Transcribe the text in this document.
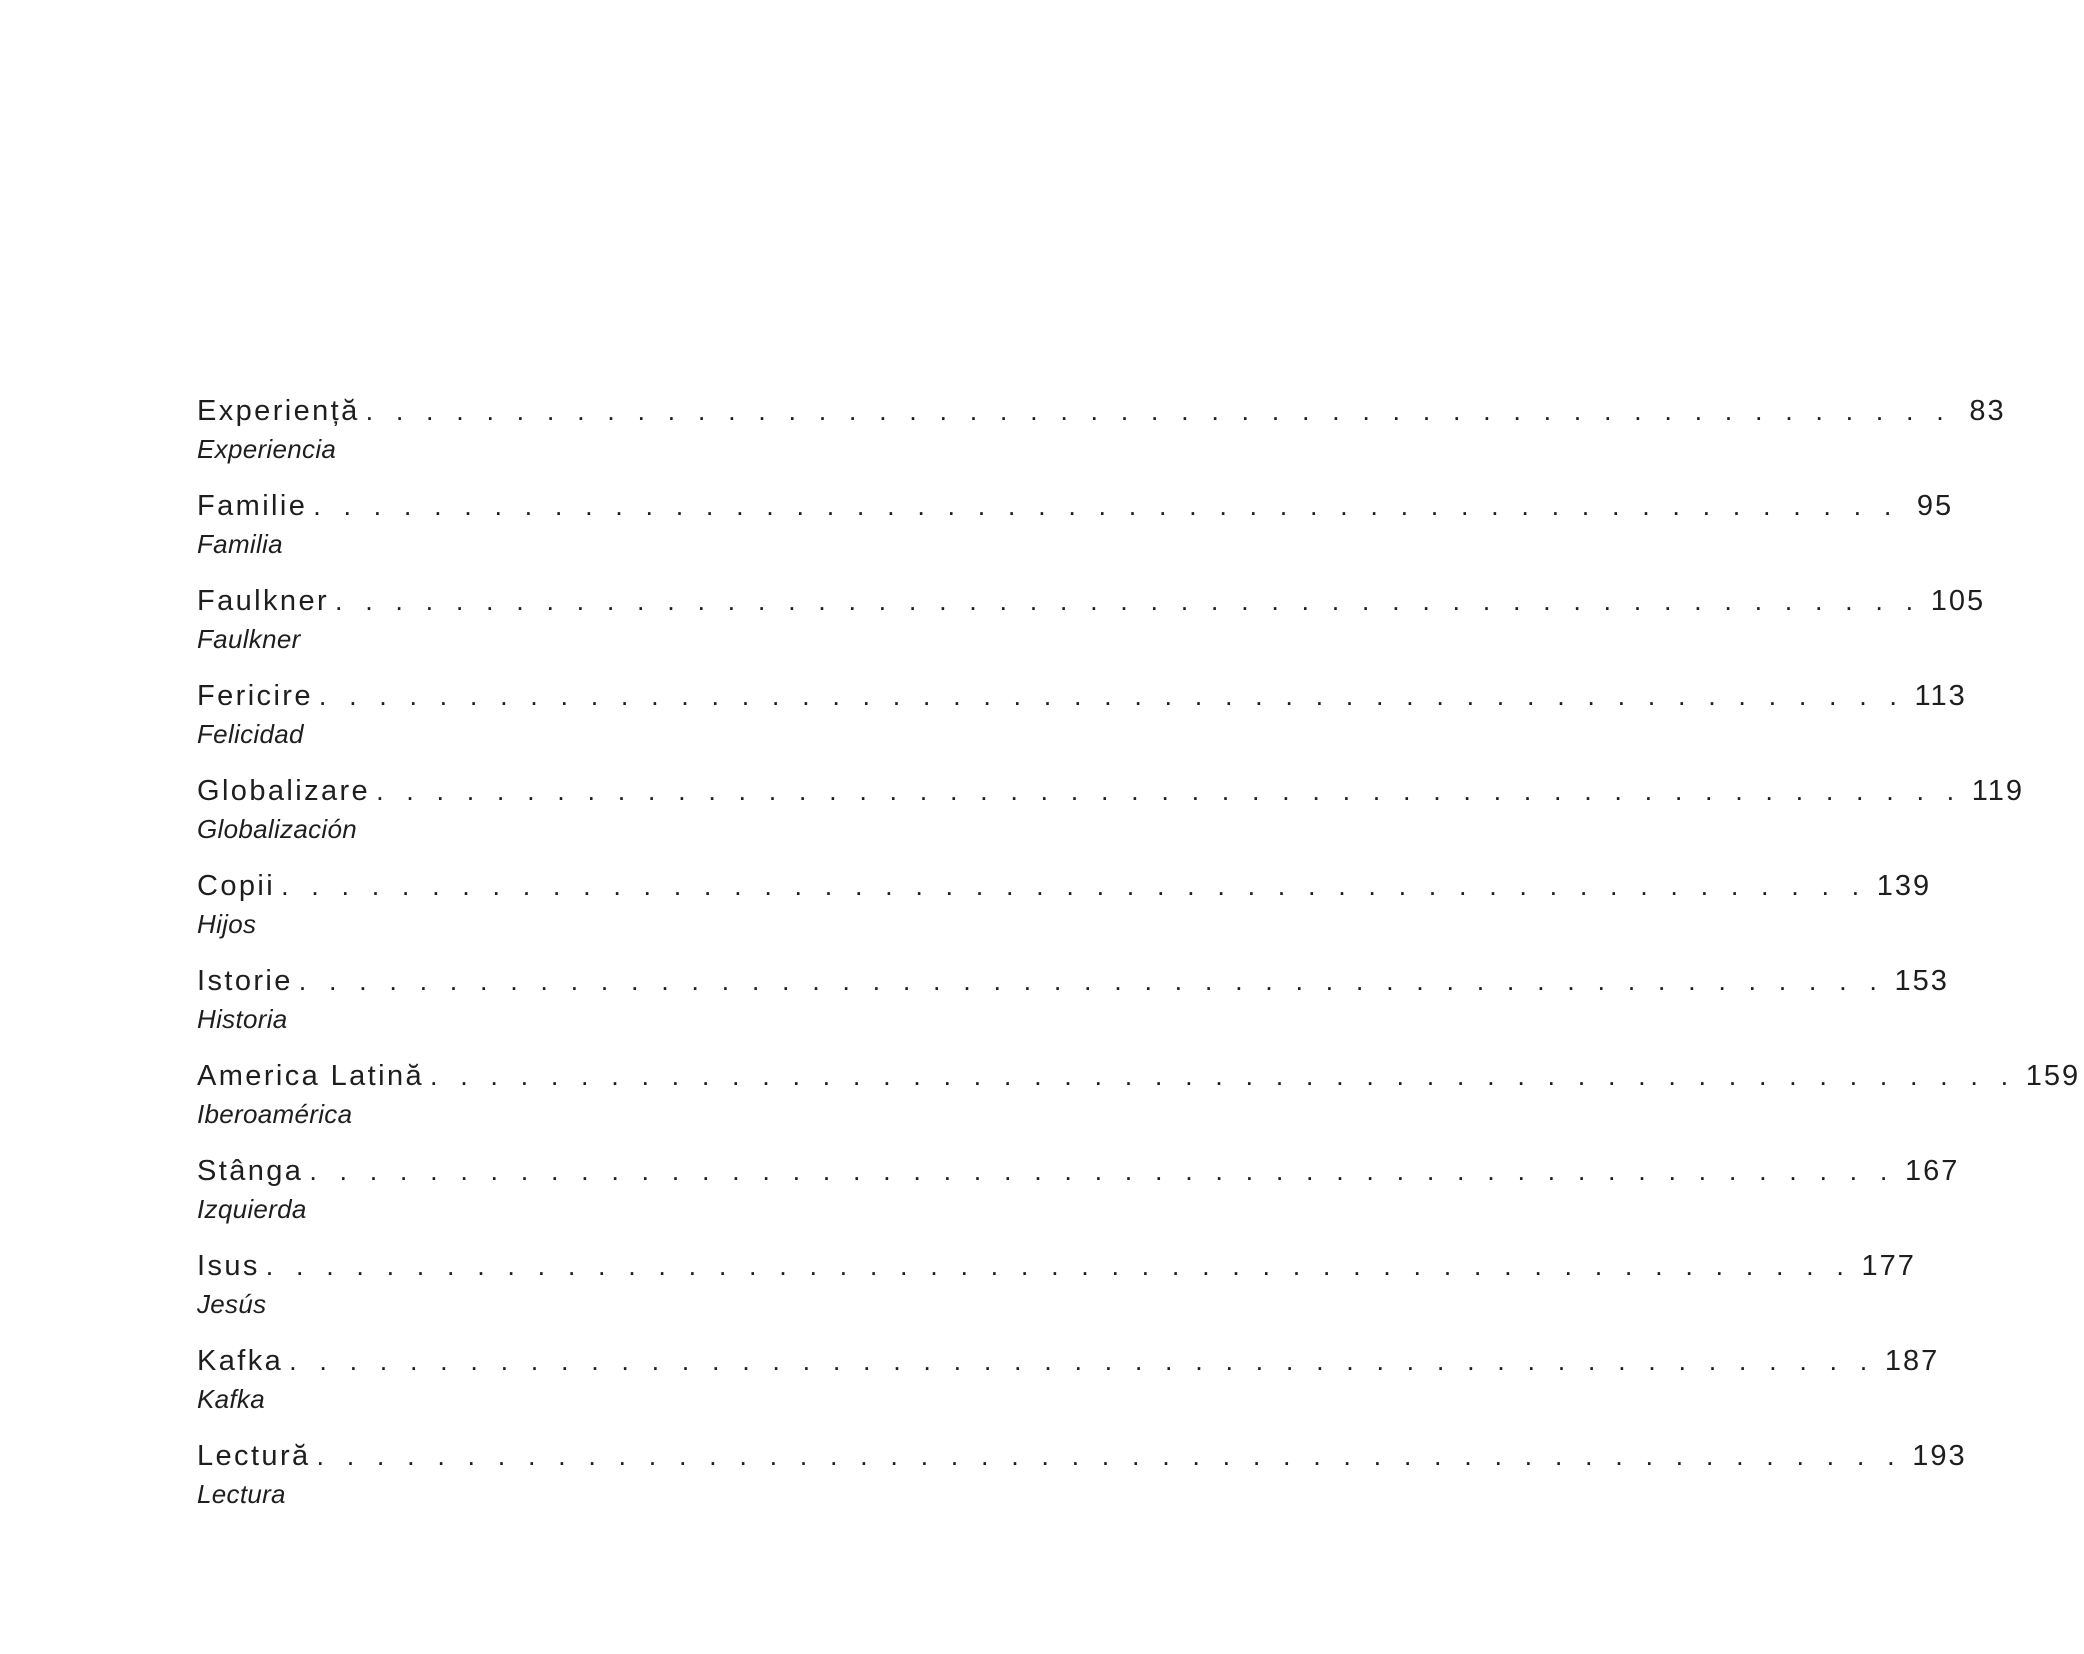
Experiență . . . . . . . . . . . . . . . . . . . . . . . . . . . . . . . . . . . . . . . . . . . . . . . . . . . . . 83
Experiencia
Familie . . . . . . . . . . . . . . . . . . . . . . . . . . . . . . . . . . . . . . . . . . . . . . . . . . . . . 95
Familia
Faulkner . . . . . . . . . . . . . . . . . . . . . . . . . . . . . . . . . . . . . . . . . . . . . . . . . . . . . 105
Faulkner
Fericire . . . . . . . . . . . . . . . . . . . . . . . . . . . . . . . . . . . . . . . . . . . . . . . . . . . . . 113
Felicidad
Globalizare . . . . . . . . . . . . . . . . . . . . . . . . . . . . . . . . . . . . . . . . . . . . . . . . . . . . . 119
Globalización
Copii . . . . . . . . . . . . . . . . . . . . . . . . . . . . . . . . . . . . . . . . . . . . . . . . . . . . . 139
Hijos
Istorie . . . . . . . . . . . . . . . . . . . . . . . . . . . . . . . . . . . . . . . . . . . . . . . . . . . . . 153
Historia
America Latină . . . . . . . . . . . . . . . . . . . . . . . . . . . . . . . . . . . . . . . . . . . . . . . . . . . . . 159
Iberoamérica
Stânga . . . . . . . . . . . . . . . . . . . . . . . . . . . . . . . . . . . . . . . . . . . . . . . . . . . . . 167
Izquierda
Isus . . . . . . . . . . . . . . . . . . . . . . . . . . . . . . . . . . . . . . . . . . . . . . . . . . . . . 177
Jesús
Kafka . . . . . . . . . . . . . . . . . . . . . . . . . . . . . . . . . . . . . . . . . . . . . . . . . . . . . 187
Kafka
Lectură . . . . . . . . . . . . . . . . . . . . . . . . . . . . . . . . . . . . . . . . . . . . . . . . . . . . . 193
Lectura
